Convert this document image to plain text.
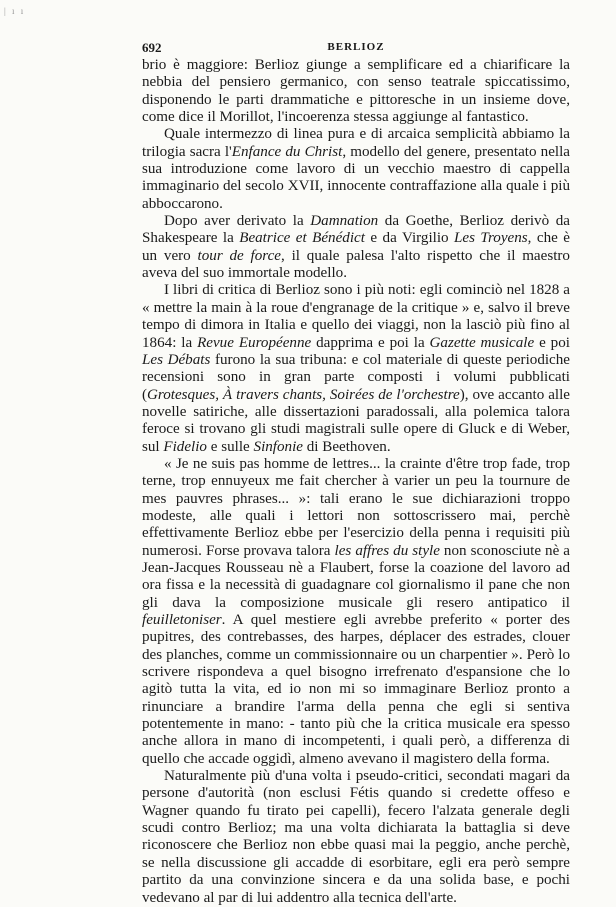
| ı ı
692	BERLIOZ

brio è maggiore: Berlioz giunge a semplificare ed a chiarificare la nebbia del pensiero germanico, con senso teatrale spiccatissimo, disponendo le parti drammatiche e pittoresche in un insieme dove, come dice il Morillot, l'incoerenza stessa aggiunge al fantastico.

Quale intermezzo di linea pura e di arcaica semplicità abbiamo la trilogia sacra l'Enfance du Christ, modello del genere, presentato nella sua introduzione come lavoro di un vecchio maestro di cappella immaginario del secolo XVII, innocente contraffazione alla quale i più abboccarono.

Dopo aver derivato la Damnation da Goethe, Berlioz derivò da Shakespeare la Beatrice et Bénédict e da Virgilio Les Troyens, che è un vero tour de force, il quale palesa l'alto rispetto che il maestro aveva del suo immortale modello.

I libri di critica di Berlioz sono i più noti: egli cominciò nel 1828 a « mettre la main à la roue d'engranage de la critique » e, salvo il breve tempo di dimora in Italia e quello dei viaggi, non la lasciò più fino al 1864: la Revue Européenne dapprima e poi la Gazette musicale e poi Les Débats furono la sua tribuna: e col materiale di queste periodiche recensioni sono in gran parte composti i volumi pubblicati (Grotesques, À travers chants, Soirées de l'orchestre), ove accanto alle novelle satiriche, alle dissertazioni paradossali, alla polemica talora feroce si trovano gli studi magistrali sulle opere di Gluck e di Weber, sul Fidelio e sulle Sinfonie di Beethoven.

« Je ne suis pas homme de lettres... la crainte d'être trop fade, trop terne, trop ennuyeux me fait chercher à varier un peu la tournure de mes pauvres phrases... »: tali erano le sue dichiarazioni troppo modeste, alle quali i lettori non sottoscrissero mai, perchè effettivamente Berlioz ebbe per l'esercizio della penna i requisiti più numerosi. Forse provava talora les affres du style non sconosciute nè a Jean-Jacques Rousseau nè a Flaubert, forse la coazione del lavoro ad ora fissa e la necessità di guadagnare col giornalismo il pane che non gli dava la composizione musicale gli resero antipatico il feuilletoniser. A quel mestiere egli avrebbe preferito « porter des pupitres, des contrebasses, des harpes, déplacer des estrades, clouer des planches, comme un commissionnaire ou un charpentier ». Però lo scrivere rispondeva a quel bisogno irrefrenato d'espansione che lo agitò tutta la vita, ed io non mi so immaginare Berlioz pronto a rinunciare a brandire l'arma della penna che egli si sentiva potentemente in mano: - tanto più che la critica musicale era spesso anche allora in mano di incompetenti, i quali però, a differenza di quello che accade oggidì, almeno avevano il magistero della forma.

Naturalmente più d'una volta i pseudo-critici, secondati magari da persone d'autorità (non esclusi Fétis quando si credette offeso e Wagner quando fu tirato pei capelli), fecero l'alzata generale degli scudi contro Berlioz; ma una volta dichiarata la battaglia si deve riconoscere che Berlioz non ebbe quasi mai la peggio, anche perchè, se nella discussione gli accadde di esorbitare, egli era però sempre partito da una convinzione sincera e da una solida base, e pochi vedevano al par di lui addentro alla tecnica dell'arte.
